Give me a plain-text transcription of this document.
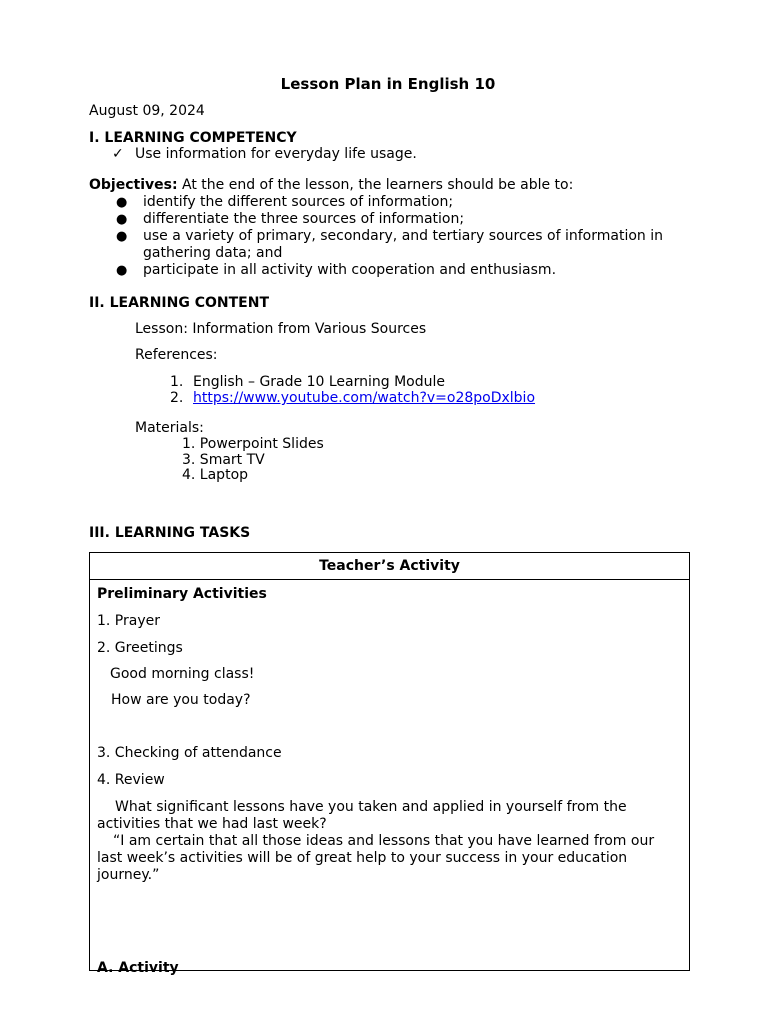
Lesson Plan in English 10
August 09, 2024
I. LEARNING COMPETENCY
✓ Use information for everyday life usage.
Objectives: At the end of the lesson, the learners should be able to:
● identify the different sources of information;
● differentiate the three sources of information;
● use a variety of primary, secondary, and tertiary sources of information in
gathering data; and
● participate in all activity with cooperation and enthusiasm.
II. LEARNING CONTENT
Lesson: Information from Various Sources
References:
1. English – Grade 10 Learning Module
2. https://www.youtube.com/watch?v=o28poDxlbio
Materials:
1. Powerpoint Slides
3. Smart TV
4. Laptop
III. LEARNING TASKS
Teacher’s Activity

Preliminary Activities
1. Prayer
2. Greetings
Good morning class!
How are you today?
3. Checking of attendance
4. Review
What significant lessons have you taken and applied in yourself from the activities that we had last week?
“I am certain that all those ideas and lessons that you have learned from our last week’s activities will be of great help to your success in your education journey.”
A. Activity
